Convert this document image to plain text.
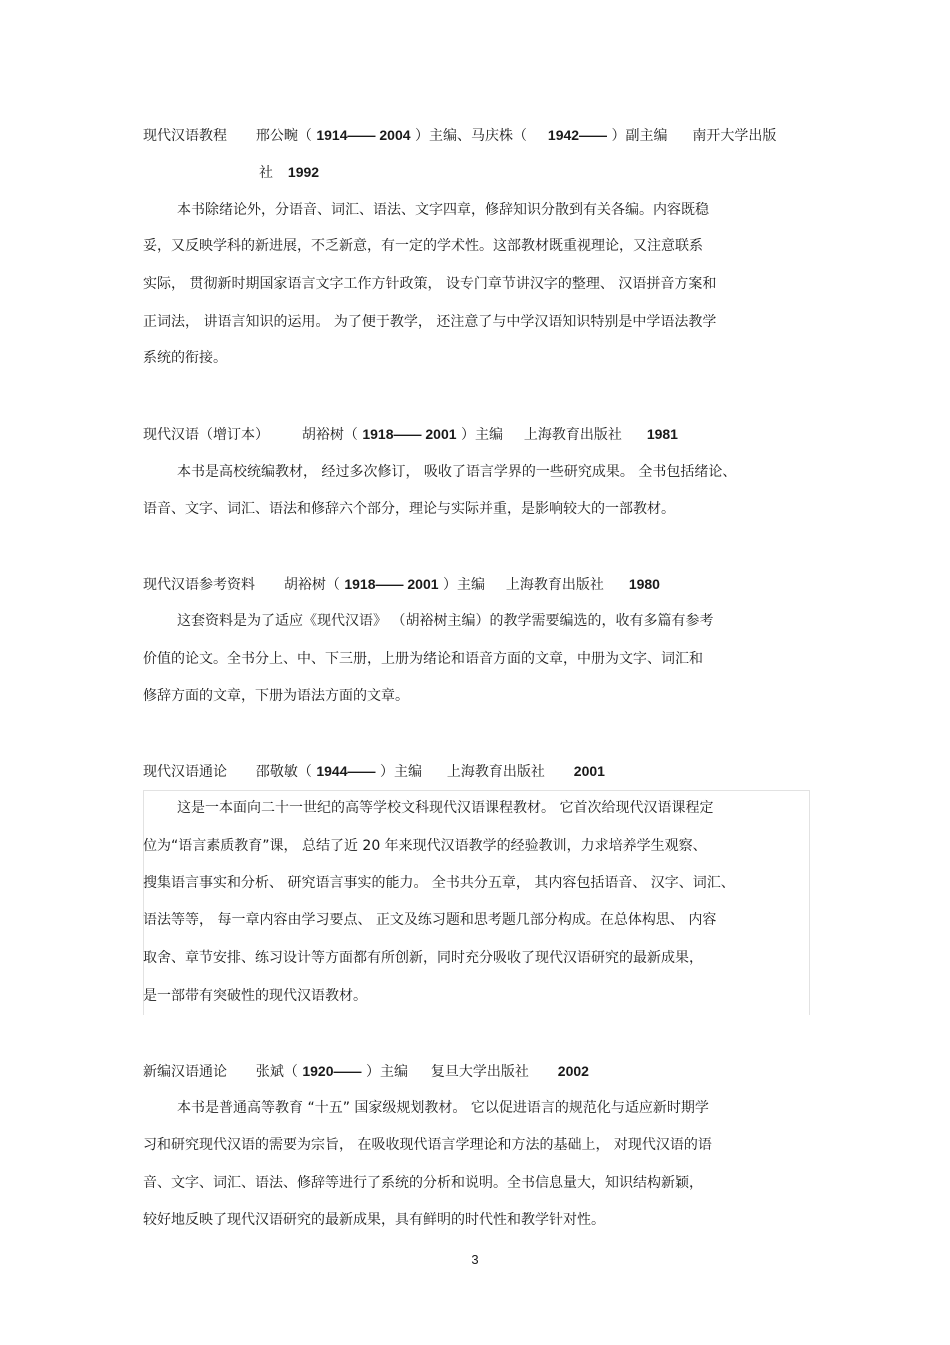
现代汉语教程 邢公畹（ 1914—— 2004 ）主编、马庆株（ 1942—— ）副主编 南开大学出版
社 1992
本书除绪论外，分语音、词汇、语法、文字四章，修辞知识分散到有关各编。内容既稳
妥，又反映学科的新进展，不乏新意，有一定的学术性。这部教材既重视理论，又注意联系
实际， 贯彻新时期国家语言文字工作方针政策， 设专门章节讲汉字的整理、 汉语拼音方案和
正词法， 讲语言知识的运用。 为了便于教学， 还注意了与中学汉语知识特别是中学语法教学
系统的衔接。
现代汉语（增订本） 胡裕树（ 1918—— 2001 ）主编 上海教育出版社 1981
本书是高校统编教材， 经过多次修订， 吸收了语言学界的一些研究成果。 全书包括绪论、
语音、文字、词汇、语法和修辞六个部分，理论与实际并重，是影响较大的一部教材。
现代汉语参考资料 胡裕树（ 1918—— 2001 ）主编 上海教育出版社 1980
这套资料是为了适应《现代汉语》 （胡裕树主编）的教学需要编选的，收有多篇有参考
价值的论文。全书分上、中、下三册，上册为绪论和语音方面的文章，中册为文字、词汇和
修辞方面的文章，下册为语法方面的文章。
现代汉语通论 邵敬敏（ 1944—— ）主编 上海教育出版社 2001
这是一本面向二十一世纪的高等学校文科现代汉语课程教材。 它首次给现代汉语课程定
位为“语言素质教育”课， 总结了近 20 年来现代汉语教学的经验教训，力求培养学生观察、
搜集语言事实和分析、 研究语言事实的能力。 全书共分五章， 其内容包括语音、 汉字、词汇、
语法等等， 每一章内容由学习要点、 正文及练习题和思考题几部分构成。在总体构思、 内容
取舍、章节安排、练习设计等方面都有所创新，同时充分吸收了现代汉语研究的最新成果，
是一部带有突破性的现代汉语教材。
新编汉语通论 张斌（ 1920—— ）主编 复旦大学出版社 2002
本书是普通高等教育 “十五” 国家级规划教材。 它以促进语言的规范化与适应新时期学
习和研究现代汉语的需要为宗旨， 在吸收现代语言学理论和方法的基础上， 对现代汉语的语
音、文字、词汇、语法、修辞等进行了系统的分析和说明。全书信息量大，知识结构新颖，
较好地反映了现代汉语研究的最新成果，具有鲜明的时代性和教学针对性。
3
